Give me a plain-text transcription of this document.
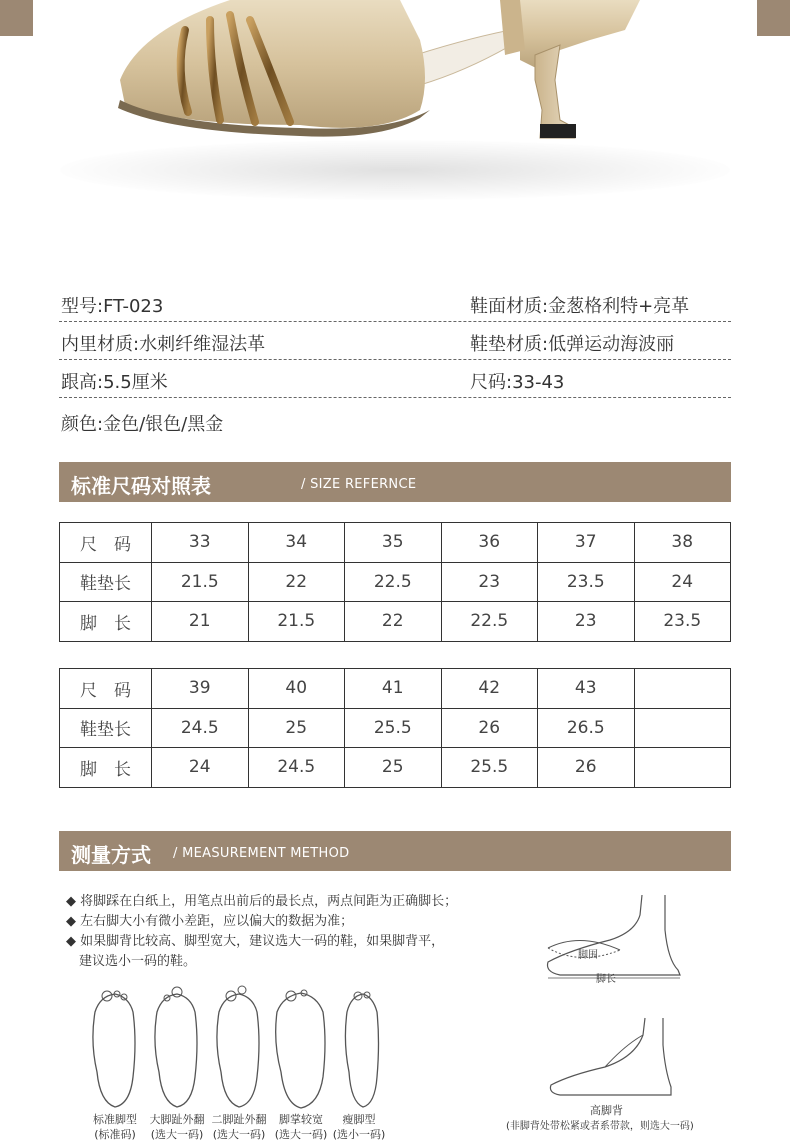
型号:FT-023	鞋面材质:金葱格利特+亮革
内里材质:水刺纤维湿法革	鞋垫材质:低弹运动海波丽
跟高:5.5厘米	尺码:33-43
颜色:金色/银色/黑金
标准尺码对照表	/ SIZE REFERNCE
尺　码	33	34	35	36	37	38
鞋垫长	21.5	22	22.5	23	23.5	24
脚　长	21	21.5	22	22.5	23	23.5
尺　码	39	40	41	42	43	
鞋垫长	24.5	25	25.5	26	26.5	
脚　长	24	24.5	25	25.5	26	
测量方式 / MEASUREMENT METHOD
◆ 将脚踩在白纸上，用笔点出前后的最长点，两点间距为正确脚长；
◆ 左右脚大小有微小差距，应以偏大的数据为准；
◆ 如果脚背比较高、脚型宽大，建议选大一码的鞋，如果脚背平，
建议选小一码的鞋。	脚围
脚长
高脚背
(非脚背处带松紧或者系带款，则选大一码)
标准脚型
(标准码)
大脚趾外翻
(选大一码)
二脚趾外翻
(选大一码)
脚掌较宽
(选大一码)
瘦脚型
(选小一码)
